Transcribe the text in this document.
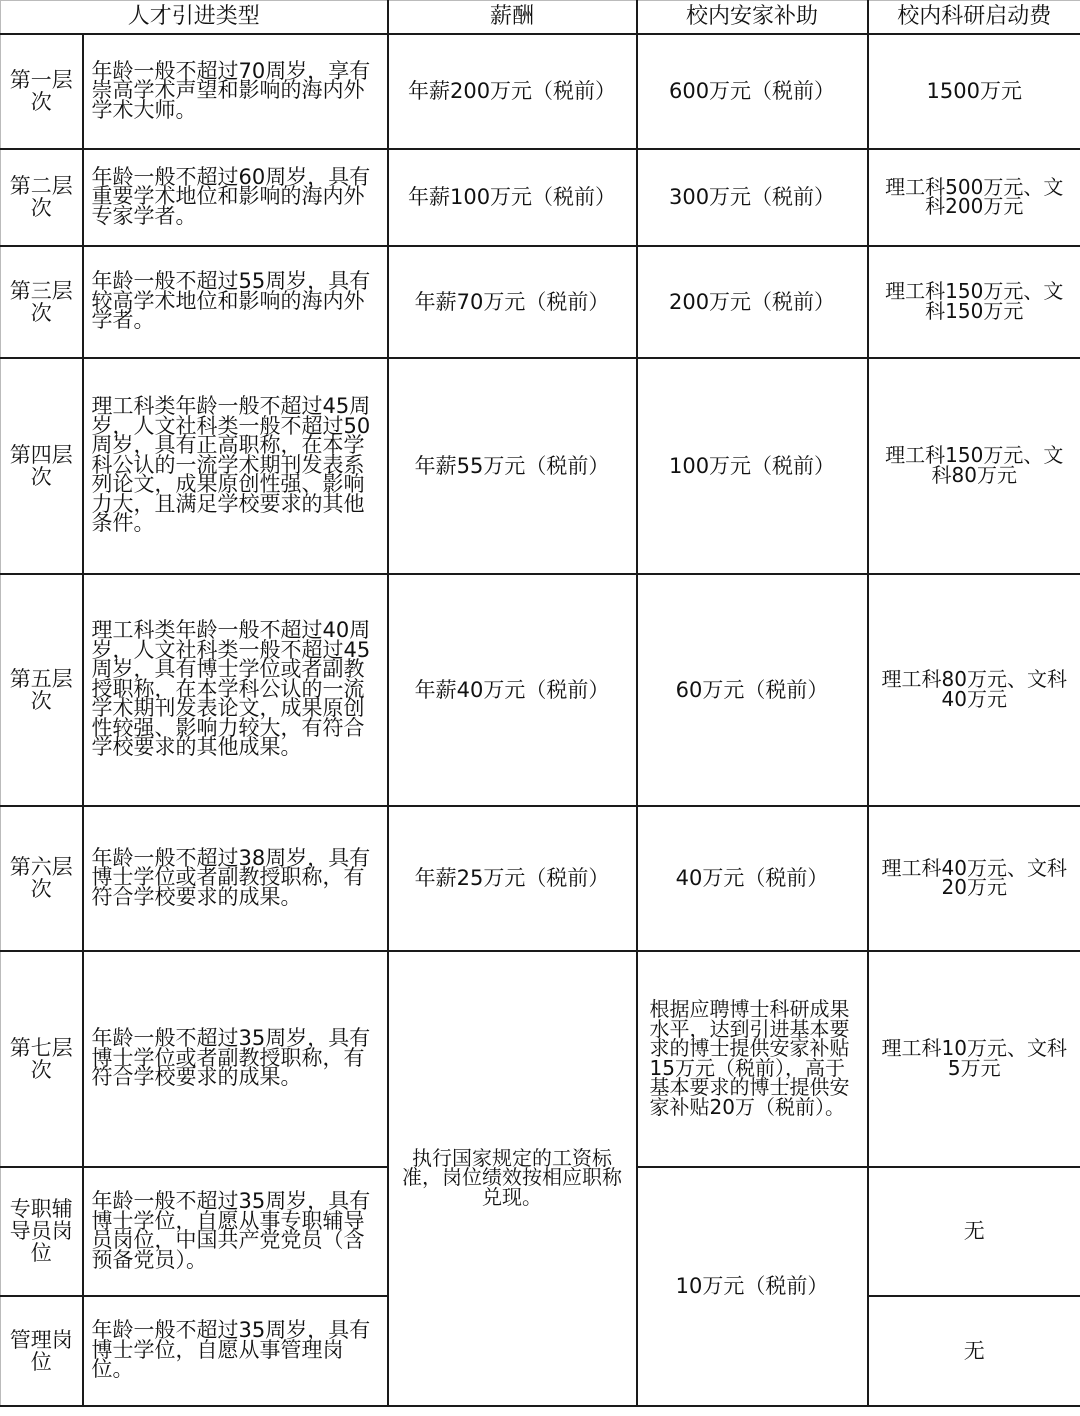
人才引进类型		薪酬	校内安家补助	校内科研启动费
第一层次	年龄一般不超过70周岁，享有崇高学术声望和影响的海内外学术大师。	年薪200万元（税前）	600万元（税前）	1500万元
第二层次	年龄一般不超过60周岁，具有重要学术地位和影响的海内外专家学者。	年薪100万元（税前）	300万元（税前）	理工科500万元、文科200万元
第三层次	年龄一般不超过55周岁，具有较高学术地位和影响的海内外学者。	年薪70万元（税前）	200万元（税前）	理工科150万元、文科150万元
第四层次	理工科类年龄一般不超过45周岁，人文社科类一般不超过50周岁，具有正高职称，在本学科公认的一流学术期刊发表系列论文，成果原创性强、影响力大，且满足学校要求的其他条件。	年薪55万元（税前）	100万元（税前）	理工科150万元、文科80万元
第五层次	理工科类年龄一般不超过40周岁，人文社科类一般不超过45周岁，具有博士学位或者副教授职称，在本学科公认的一流学术期刊发表论文，成果原创性较强、影响力较大，有符合学校要求的其他成果。	年薪40万元（税前）	60万元（税前）	理工科80万元、文科40万元
第六层次	年龄一般不超过38周岁，具有博士学位或者副教授职称，有符合学校要求的成果。	年薪25万元（税前）	40万元（税前）	理工科40万元、文科20万元
第七层次	年龄一般不超过35周岁，具有博士学位或者副教授职称，有符合学校要求的成果。	执行国家规定的工资标准，岗位绩效按相应职称兑现。	根据应聘博士科研成果水平，达到引进基本要求的博士提供安家补贴15万元（税前），高于基本要求的博士提供安家补贴20万（税前）。	理工科10万元、文科5万元
专职辅导员岗位	年龄一般不超过35周岁，具有博士学位，自愿从事专职辅导员岗位，中国共产党党员（含预备党员）。		10万元（税前）	无
管理岗位	年龄一般不超过35周岁，具有博士学位，自愿从事管理岗位。			无
